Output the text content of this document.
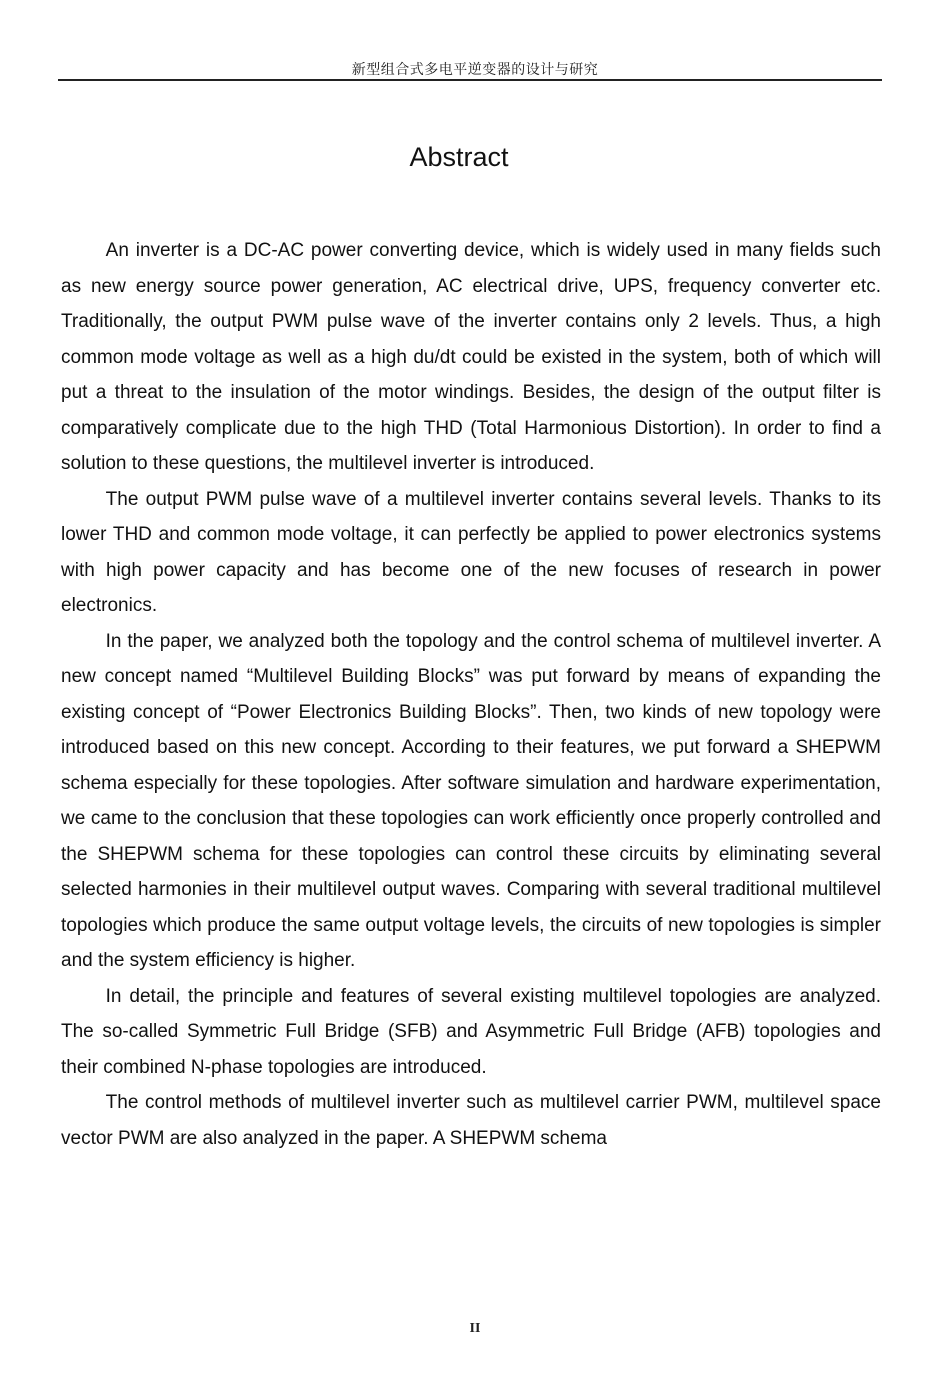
新型组合式多电平逆变器的设计与研究
Abstract

An inverter is a DC-AC power converting device, which is widely used in many fields such as new energy source power generation, AC electrical drive, UPS, frequency converter etc. Traditionally, the output PWM pulse wave of the inverter contains only 2 levels. Thus, a high common mode voltage as well as a high du/dt could be existed in the system, both of which will put a threat to the insulation of the motor windings. Besides, the design of the output filter is comparatively complicate due to the high THD (Total Harmonious Distortion). In order to find a solution to these questions, the multilevel inverter is introduced.

The output PWM pulse wave of a multilevel inverter contains several levels. Thanks to its lower THD and common mode voltage, it can perfectly be applied to power electronics systems with high power capacity and has become one of the new focuses of research in power electronics.

In the paper, we analyzed both the topology and the control schema of multilevel inverter. A new concept named “Multilevel Building Blocks” was put forward by means of expanding the existing concept of “Power Electronics Building Blocks”. Then, two kinds of new topology were introduced based on this new concept. According to their features, we put forward a SHEPWM schema especially for these topologies. After software simulation and hardware experimentation, we came to the conclusion that these topologies can work efficiently once properly controlled and the SHEPWM schema for these topologies can control these circuits by eliminating several selected harmonies in their multilevel output waves. Comparing with several traditional multilevel topologies which produce the same output voltage levels, the circuits of new topologies is simpler and the system efficiency is higher.

In detail, the principle and features of several existing multilevel topologies are analyzed. The so-called Symmetric Full Bridge (SFB) and Asymmetric Full Bridge (AFB) topologies and their combined N-phase topologies are introduced.

The control methods of multilevel inverter such as multilevel carrier PWM, multilevel space vector PWM are also analyzed in the paper. A SHEPWM schema

II
